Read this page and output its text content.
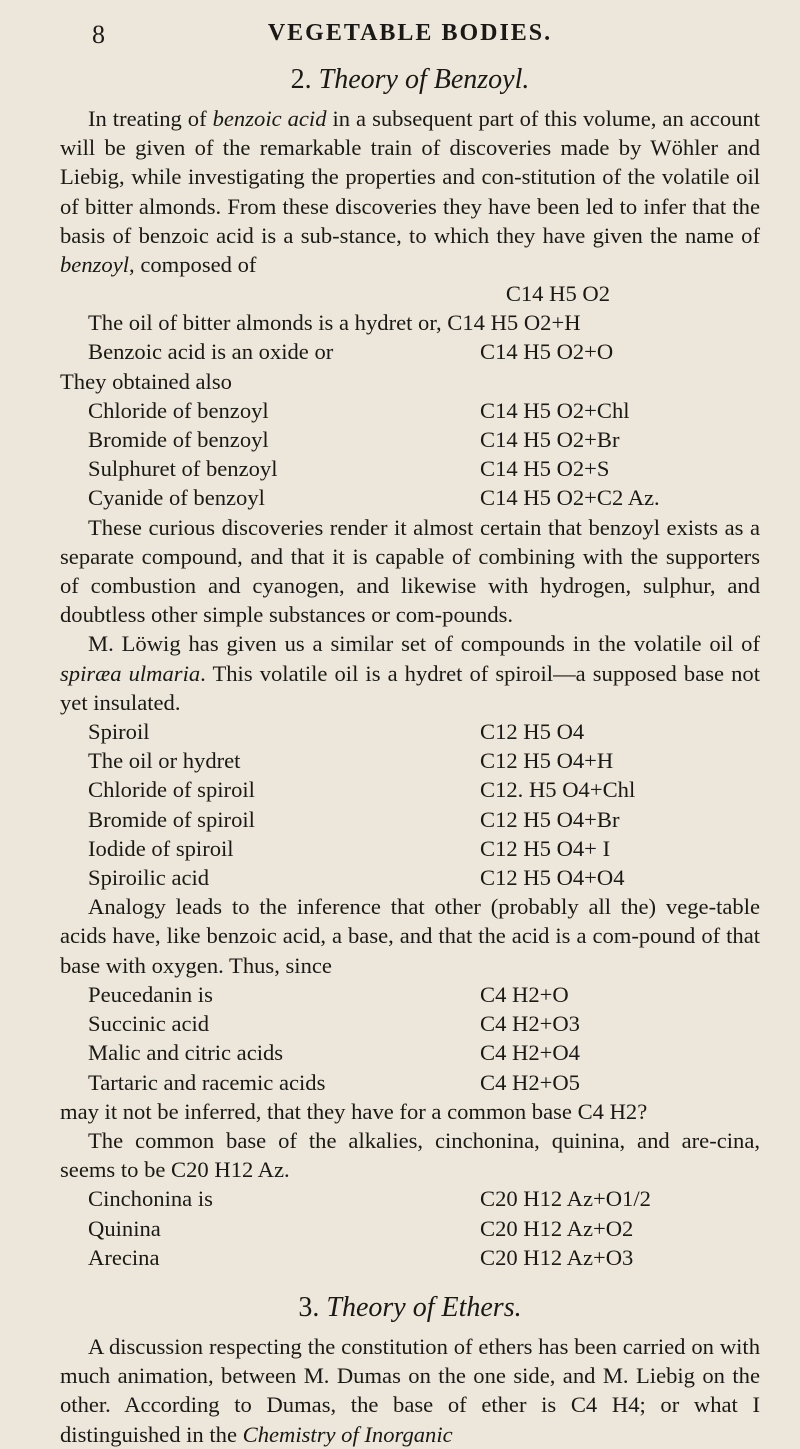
8	VEGETABLE BODIES.
2. Theory of Benzoyl.

In treating of benzoic acid in a subsequent part of this volume, an account will be given of the remarkable train of discoveries made by Wöhler and Liebig, while investigating the properties and con-stitution of the volatile oil of bitter almonds. From these discoveries they have been led to infer that the basis of benzoic acid is a sub-stance, to which they have given the name of benzoyl, composed of

C14 H5 O2

The oil of bitter almonds is a hydret or, C14 H5 O2+H

Benzoic acid is an oxide or	C14 H5 O2+O

They obtained also

Chloride of benzoyl	C14 H5 O2+Chl
Bromide of benzoyl	C14 H5 O2+Br
Sulphuret of benzoyl	C14 H5 O2+S
Cyanide of benzoyl	C14 H5 O2+C2 Az.

These curious discoveries render it almost certain that benzoyl exists as a separate compound, and that it is capable of combining with the supporters of combustion and cyanogen, and likewise with hydrogen, sulphur, and doubtless other simple substances or com-pounds.

M. Löwig has given us a similar set of compounds in the volatile oil of spiræa ulmaria. This volatile oil is a hydret of spiroil—a supposed base not yet insulated.

Spiroil	C12 H5 O4
The oil or hydret	C12 H5 O4+H
Chloride of spiroil	C12. H5 O4+Chl
Bromide of spiroil	C12 H5 O4+Br
Iodide of spiroil	C12 H5 O4+ I
Spiroilic acid	C12 H5 O4+O4

Analogy leads to the inference that other (probably all the) vege-table acids have, like benzoic acid, a base, and that the acid is a com-pound of that base with oxygen. Thus, since

Peucedanin is	C4 H2+O
Succinic acid	C4 H2+O3
Malic and citric acids	C4 H2+O4
Tartaric and racemic acids	C4 H2+O5

may it not be inferred, that they have for a common base C4 H2?

The common base of the alkalies, cinchonina, quinina, and are-cina, seems to be C20 H12 Az.

Cinchonina is	C20 H12 Az+O1/2
Quinina	C20 H12 Az+O2
Arecina	C20 H12 Az+O3
3. Theory of Ethers.

A discussion respecting the constitution of ethers has been carried on with much animation, between M. Dumas on the one side, and M. Liebig on the other. According to Dumas, the base of ether is C4 H4; or what I distinguished in the Chemistry of Inorganic
